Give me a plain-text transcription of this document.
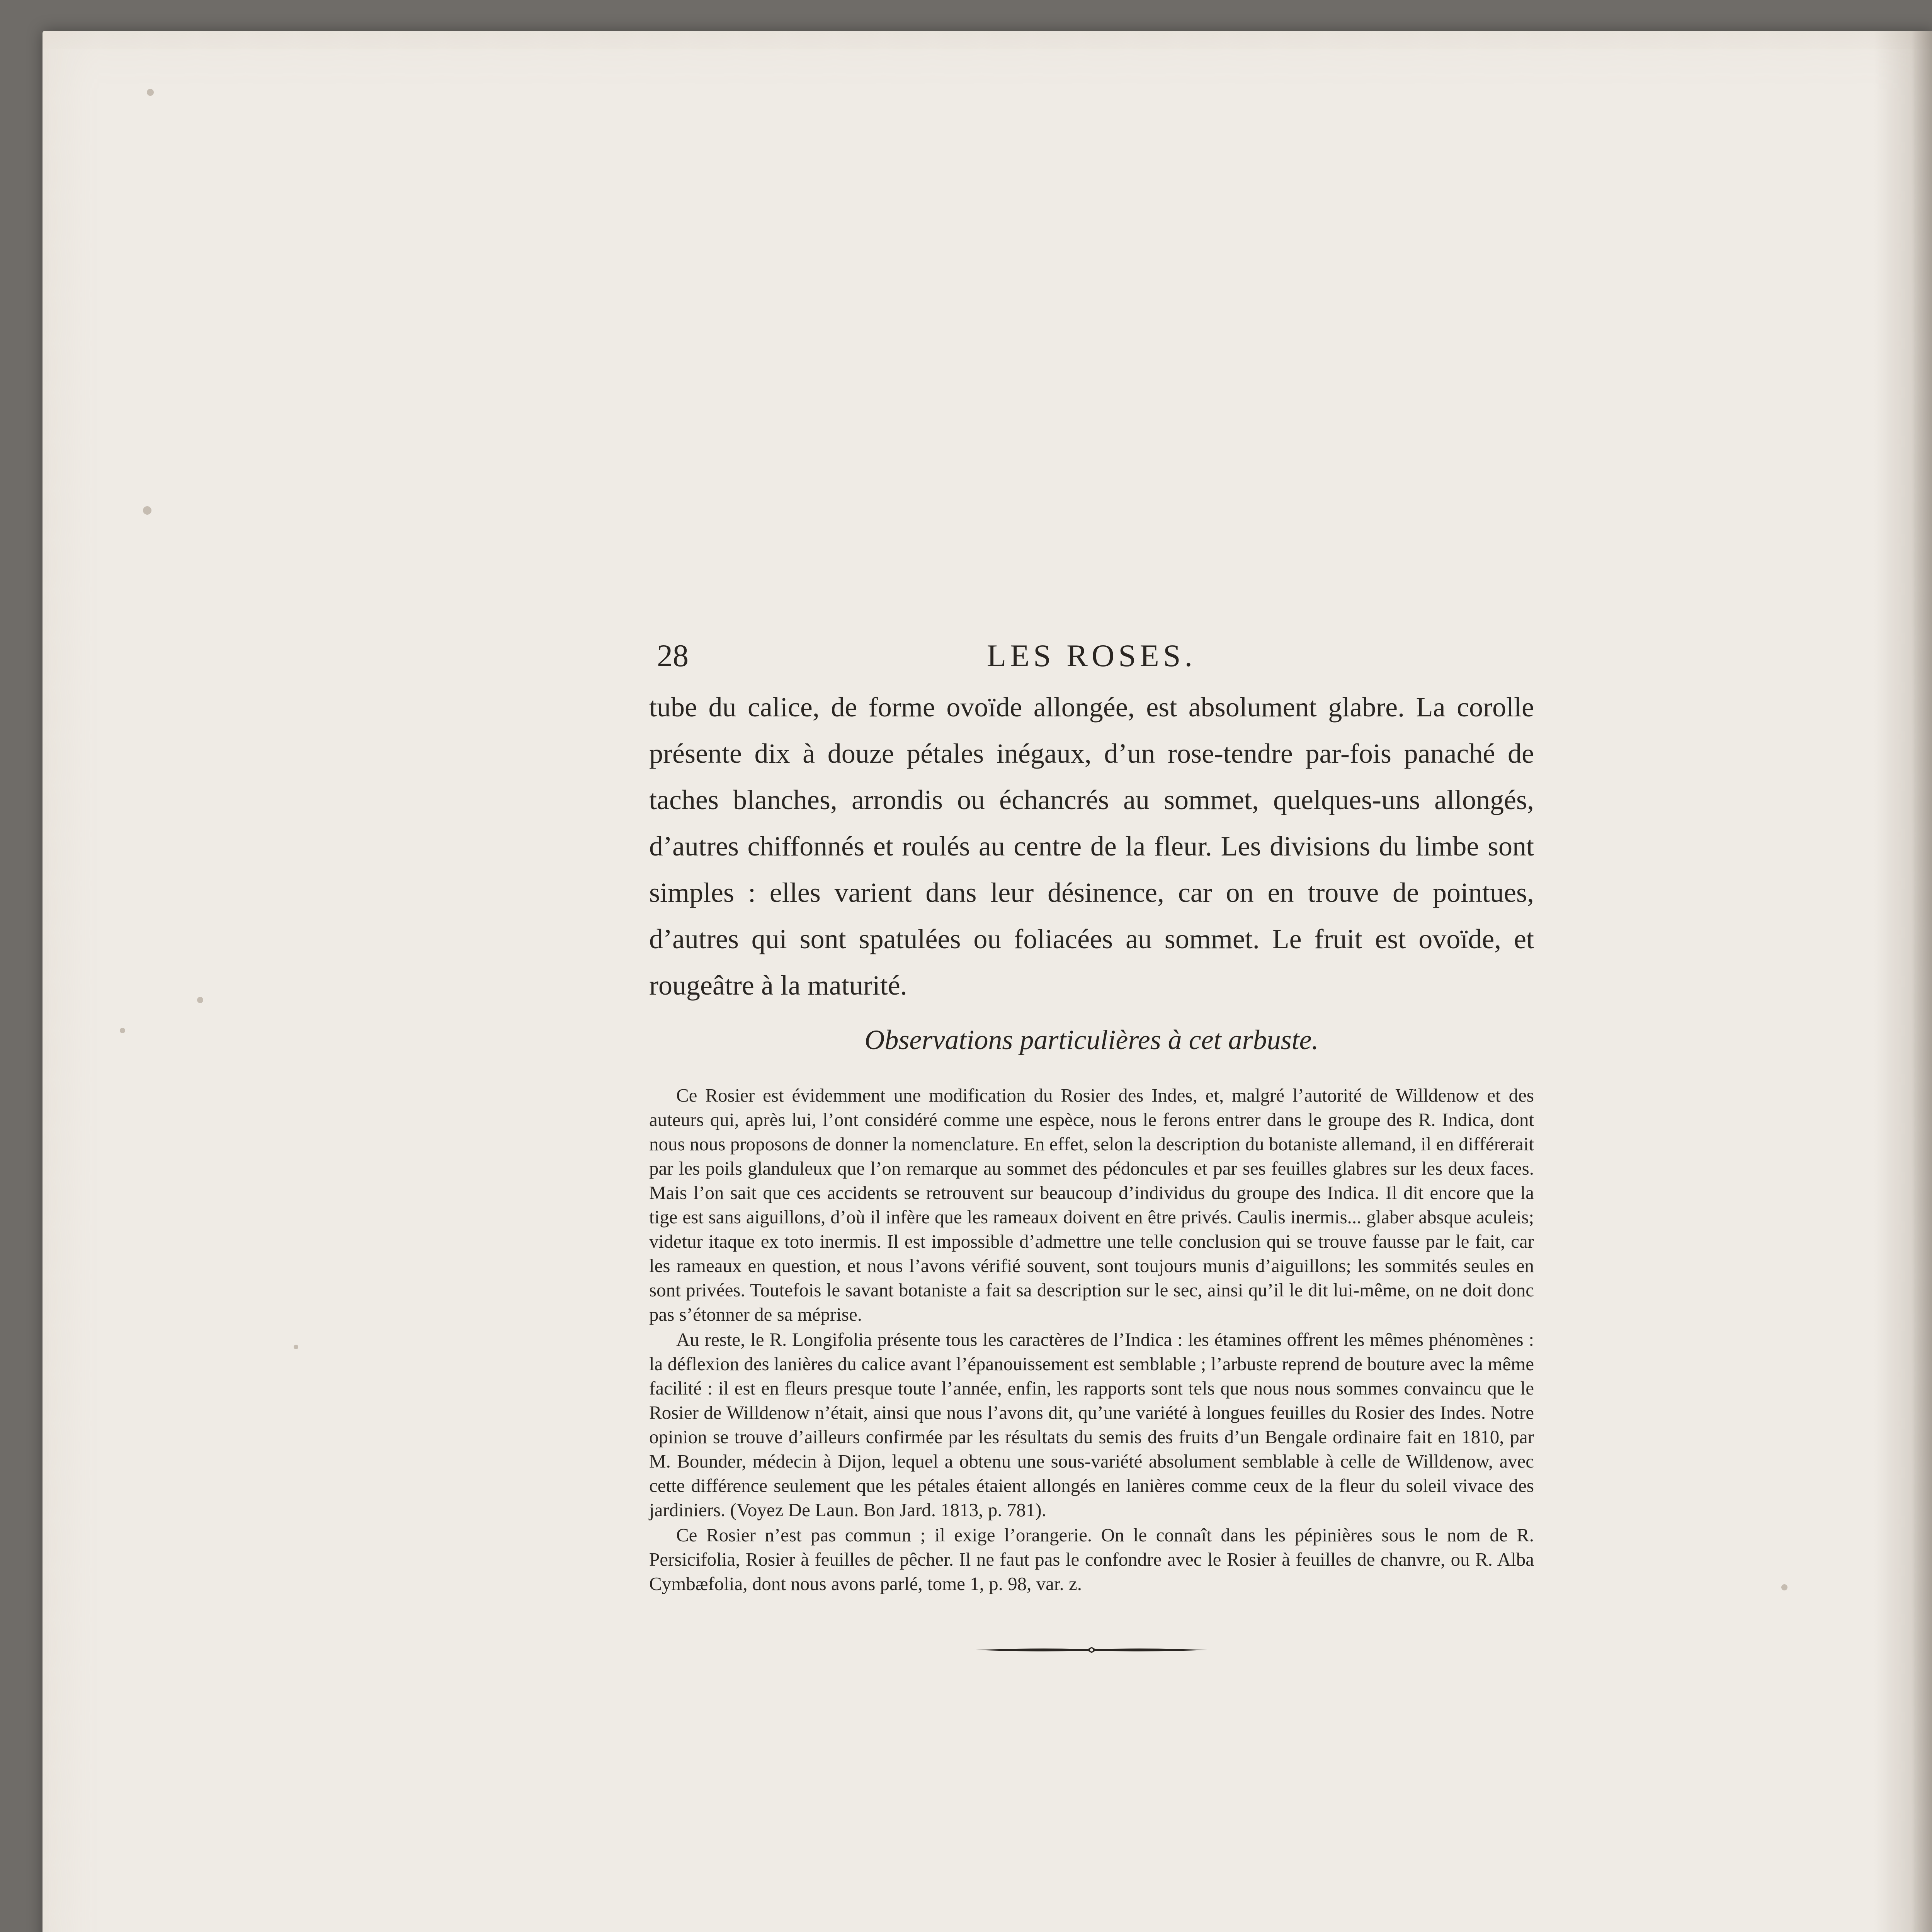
28	LES ROSES.

tube du calice, de forme ovoïde allongée, est absolument glabre. La corolle présente dix à douze pétales inégaux, d’un rose-tendre par-fois panaché de taches blanches, arrondis ou échancrés au sommet, quelques-uns allongés, d’autres chiffonnés et roulés au centre de la fleur. Les divisions du limbe sont simples : elles varient dans leur désinence, car on en trouve de pointues, d’autres qui sont spatulées ou foliacées au sommet. Le fruit est ovoïde, et rougeâtre à la maturité.

Observations particulières à cet arbuste.

Ce Rosier est évidemment une modification du Rosier des Indes, et, malgré l’autorité de Willdenow et des auteurs qui, après lui, l’ont considéré comme une espèce, nous le ferons entrer dans le groupe des R. Indica, dont nous nous proposons de donner la nomenclature. En effet, selon la description du botaniste allemand, il en différerait par les poils glanduleux que l’on remarque au sommet des pédoncules et par ses feuilles glabres sur les deux faces. Mais l’on sait que ces accidents se retrouvent sur beaucoup d’individus du groupe des Indica. Il dit encore que la tige est sans aiguillons, d’où il infère que les rameaux doivent en être privés. Caulis inermis... glaber absque aculeis; videtur itaque ex toto inermis. Il est impossible d’admettre une telle conclusion qui se trouve fausse par le fait, car les rameaux en question, et nous l’avons vérifié souvent, sont toujours munis d’aiguillons; les sommités seules en sont privées. Toutefois le savant botaniste a fait sa description sur le sec, ainsi qu’il le dit lui-même, on ne doit donc pas s’étonner de sa méprise.

Au reste, le R. Longifolia présente tous les caractères de l’Indica : les étamines offrent les mêmes phénomènes : la déflexion des lanières du calice avant l’épanouissement est semblable ; l’arbuste reprend de bouture avec la même facilité : il est en fleurs presque toute l’année, enfin, les rapports sont tels que nous nous sommes convaincu que le Rosier de Willdenow n’était, ainsi que nous l’avons dit, qu’une variété à longues feuilles du Rosier des Indes. Notre opinion se trouve d’ailleurs confirmée par les résultats du semis des fruits d’un Bengale ordinaire fait en 1810, par M. Bounder, médecin à Dijon, lequel a obtenu une sous-variété absolument semblable à celle de Willdenow, avec cette différence seulement que les pétales étaient allongés en lanières comme ceux de la fleur du soleil vivace des jardiniers. (Voyez De Laun. Bon Jard. 1813, p. 781).

Ce Rosier n’est pas commun ; il exige l’orangerie. On le connaît dans les pépinières sous le nom de R. Persicifolia, Rosier à feuilles de pêcher. Il ne faut pas le confondre avec le Rosier à feuilles de chanvre, ou R. Alba Cymbæfolia, dont nous avons parlé, tome 1, p. 98, var. z.
